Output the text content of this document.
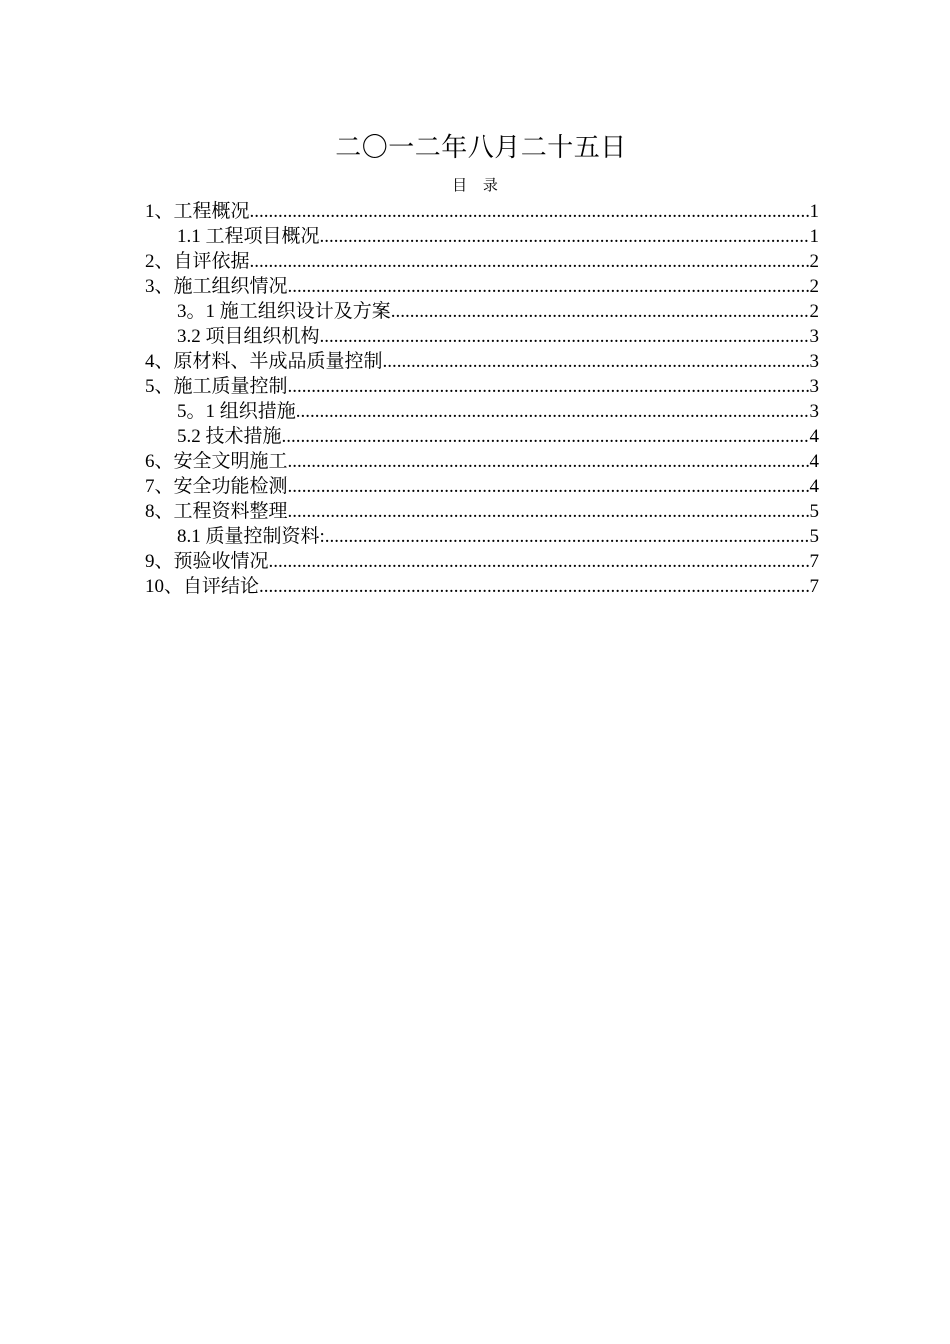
二〇一二年八月二十五日
目 录
1、工程概况 .....	1
1.1 工程项目概况 .....	1
2、自评依据 .....	2
3、施工组织情况 .....	2
3。1 施工组织设计及方案 .....	2
3.2 项目组织机构 .....	3
4、原材料、半成品质量控制 .....	3
5、施工质量控制 .....	3
5。1 组织措施 .....	3
5.2 技术措施 .....	4
6、安全文明施工 .....	4
7、安全功能检测 .....	4
8、工程资料整理 .....	5
8.1 质量控制资料: .....	5
9、预验收情况 .....	7
10、自评结论 .....	7
